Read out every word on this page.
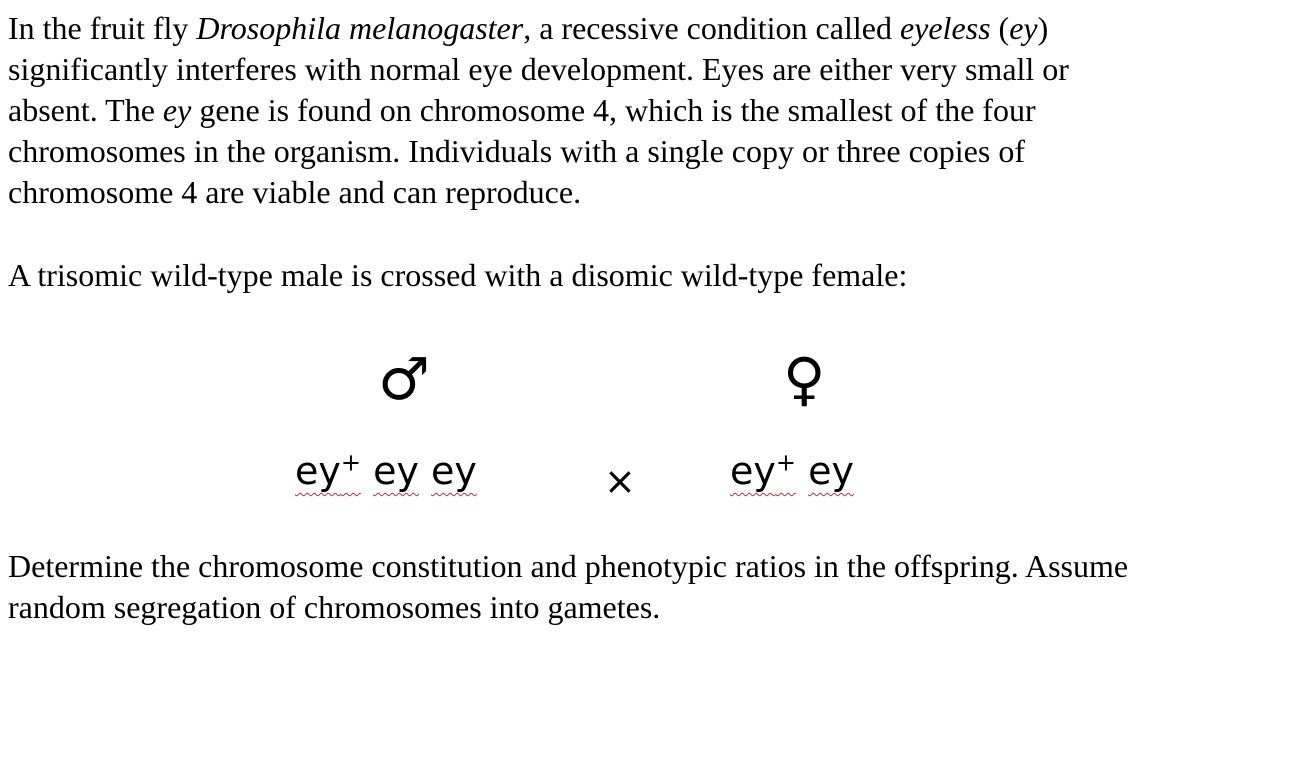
In the fruit fly Drosophila melanogaster, a recessive condition called eyeless (ey)
significantly interferes with normal eye development. Eyes are either very small or
absent. The ey gene is found on chromosome 4, which is the smallest of the four
chromosomes in the organism. Individuals with a single copy or three copies of
chromosome 4 are viable and can reproduce.

A trisomic wild-type male is crossed with a disomic wild-type female:

♂	♀
ey+ ey ey	× ey+ ey
Determine the chromosome constitution and phenotypic ratios in the offspring. Assume
random segregation of chromosomes into gametes.
